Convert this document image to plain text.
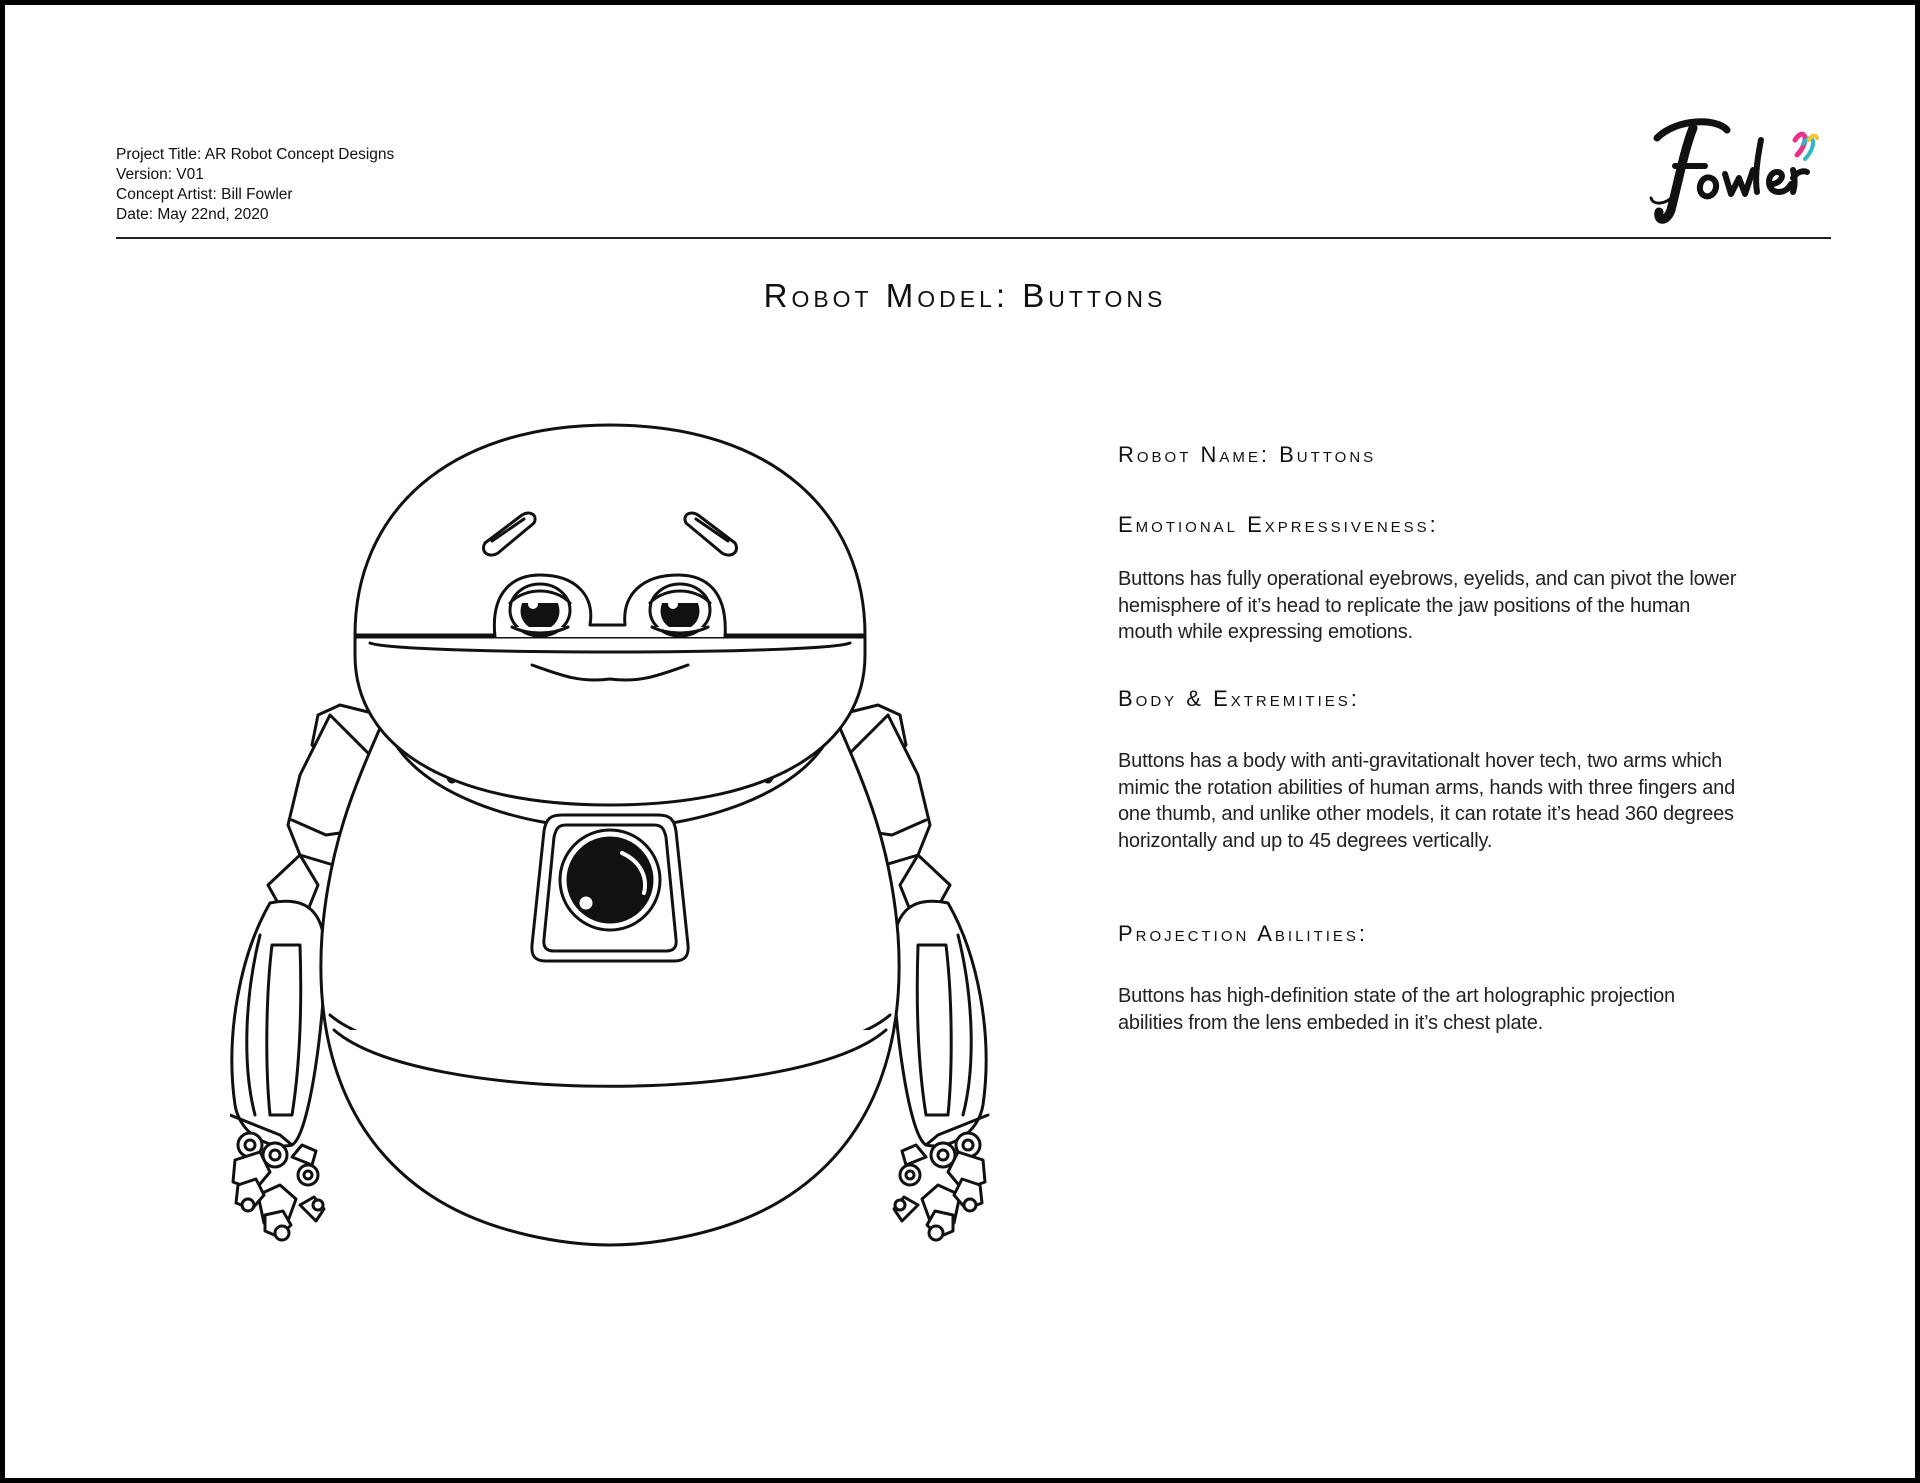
Project Title: AR Robot Concept Designs
Version: V01
Concept Artist: Bill Fowler
Date: May 22nd, 2020
Robot Model: Buttons
Robot Name: Buttons
Emotional Expressiveness:
Buttons has fully operational eyebrows, eyelids, and can pivot the lower hemisphere of it’s head to replicate the jaw positions of the human mouth while expressing emotions.
Body & Extremities:
Buttons has a body with anti-gravitationalt hover tech, two arms which mimic the rotation abilities of human arms, hands with three fingers and one thumb, and unlike other models, it can rotate it’s head 360 degrees horizontally and up to 45 degrees vertically.
Projection Abilities:
Buttons has high-definition state of the art holographic projection abilities from the lens embeded in it’s chest plate.
